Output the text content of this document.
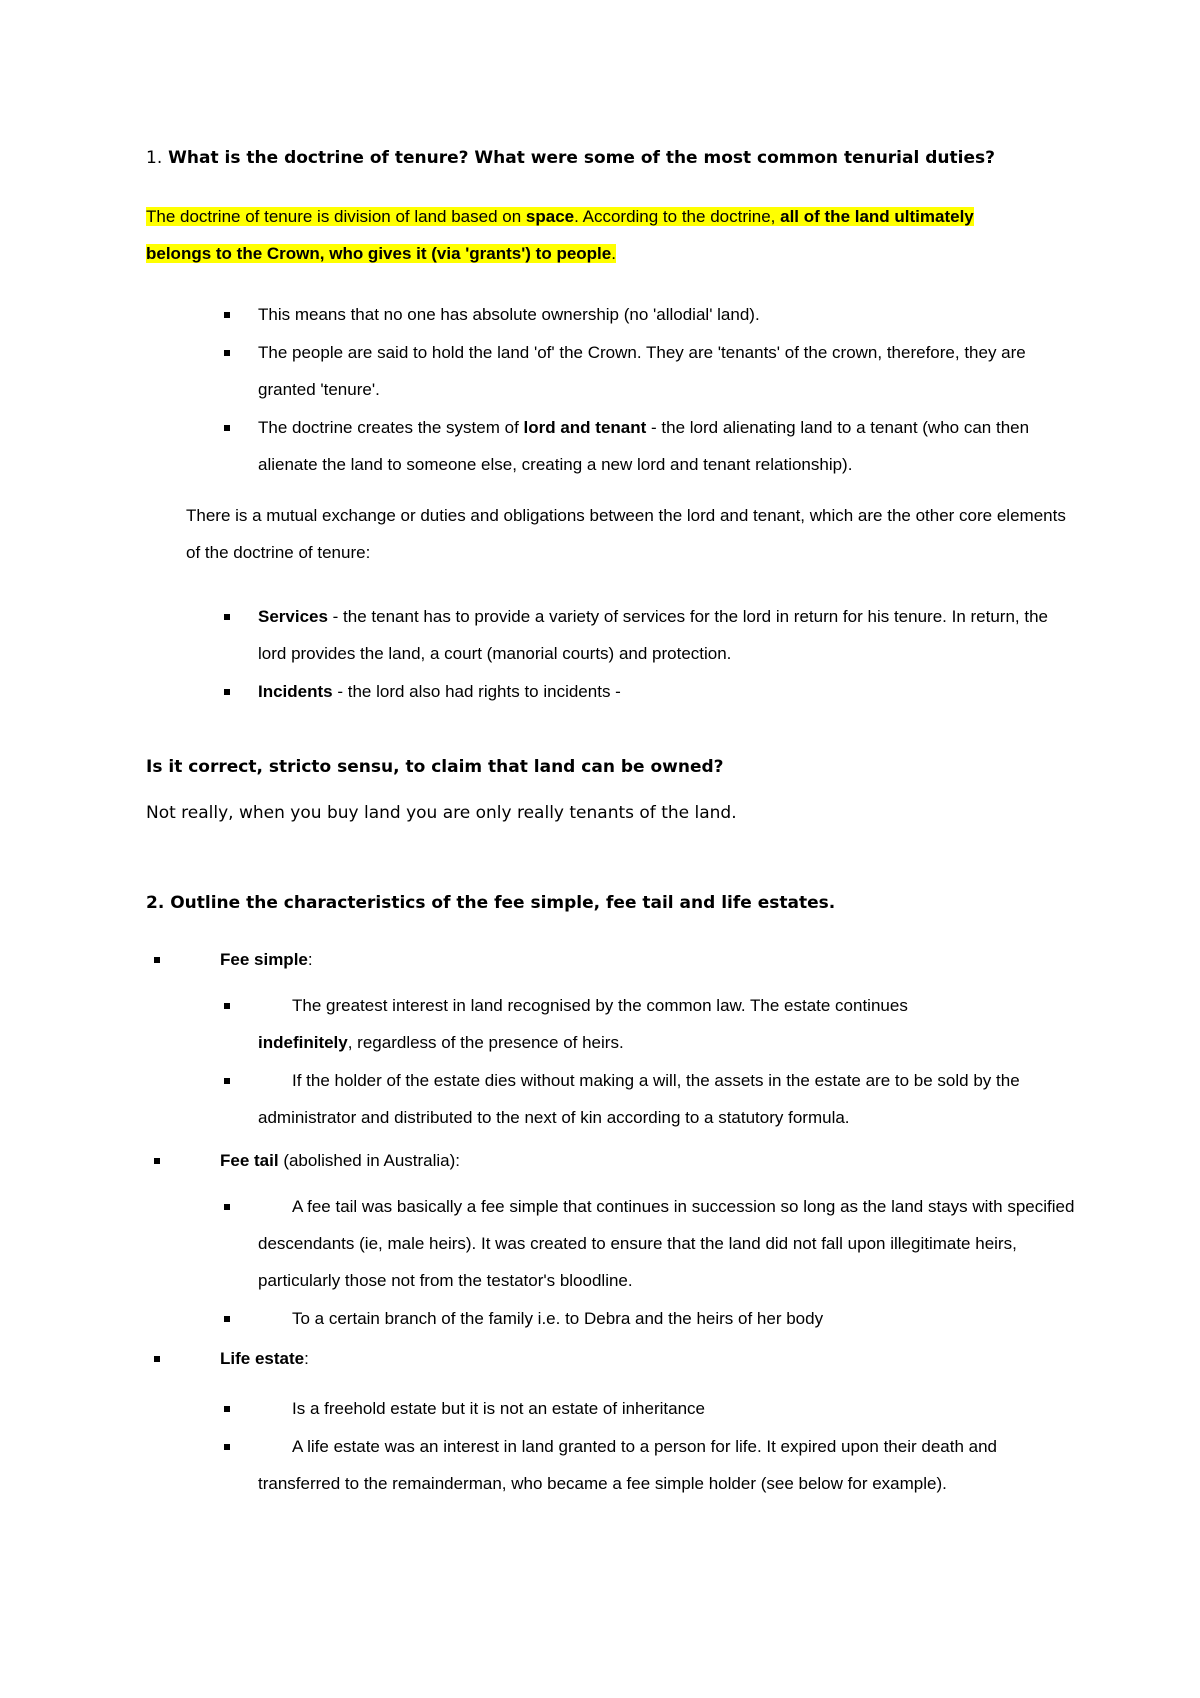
1. What is the doctrine of tenure? What were some of the most common tenurial duties?

The doctrine of tenure is division of land based on space. According to the doctrine, all of the land ultimately belongs to the Crown, who gives it (via 'grants') to people.

This means that no one has absolute ownership (no 'allodial' land).

The people are said to hold the land 'of' the Crown. They are 'tenants' of the crown, therefore, they are granted 'tenure'.

The doctrine creates the system of lord and tenant - the lord alienating land to a tenant (who can then alienate the land to someone else, creating a new lord and tenant relationship).

There is a mutual exchange or duties and obligations between the lord and tenant, which are the other core elements of the doctrine of tenure:

Services - the tenant has to provide a variety of services for the lord in return for his tenure. In return, the lord provides the land, a court (manorial courts) and protection.

Incidents - the lord also had rights to incidents -

Is it correct, stricto sensu, to claim that land can be owned?

Not really, when you buy land you are only really tenants of the land.

2. Outline the characteristics of the fee simple, fee tail and life estates.

Fee simple:

The greatest interest in land recognised by the common law. The estate continues indefinitely, regardless of the presence of heirs.

If the holder of the estate dies without making a will, the assets in the estate are to be sold by the administrator and distributed to the next of kin according to a statutory formula.

Fee tail (abolished in Australia):

A fee tail was basically a fee simple that continues in succession so long as the land stays with specified descendants (ie, male heirs). It was created to ensure that the land did not fall upon illegitimate heirs, particularly those not from the testator's bloodline.

To a certain branch of the family i.e. to Debra and the heirs of her body

Life estate:

Is a freehold estate but it is not an estate of inheritance

A life estate was an interest in land granted to a person for life. It expired upon their death and transferred to the remainderman, who became a fee simple holder (see below for example).
